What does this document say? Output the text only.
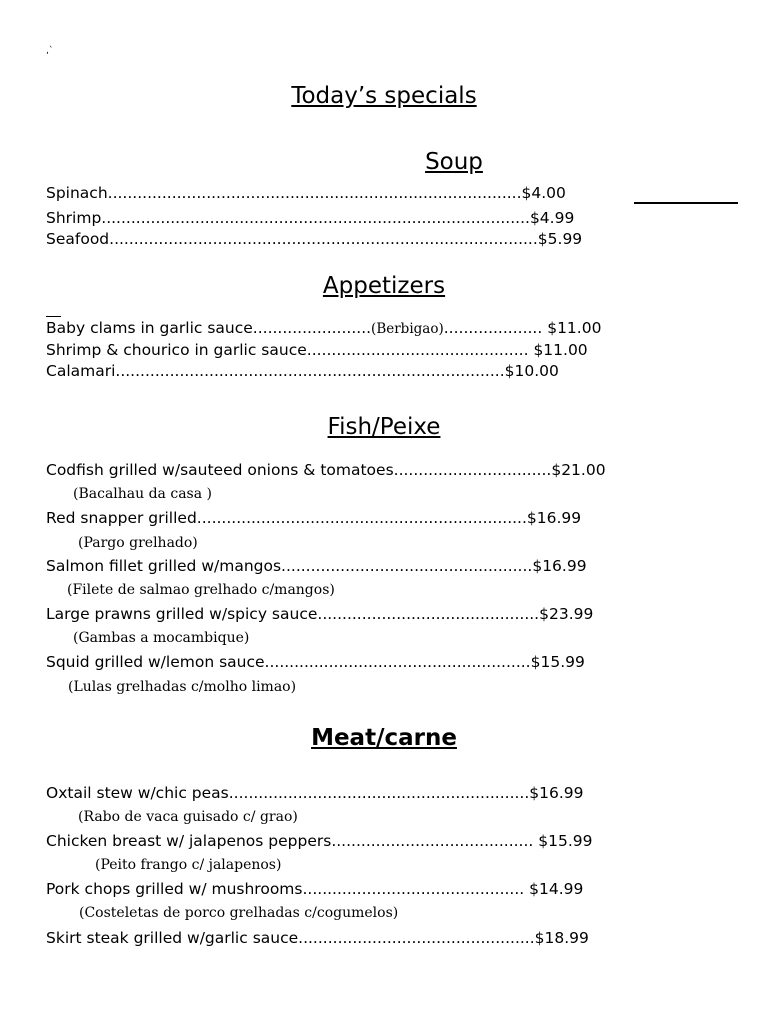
‚`
Today’s specials
Soup
Spinach....................................................................................$4.00
Shrimp.......................................................................................$4.99
Seafood.......................................................................................$5.99
Appetizers
Baby clams in garlic sauce........................(Berbigao).................... $11.00
Shrimp & chourico in garlic sauce............................................. $11.00
Calamari...............................................................................$10.00
Fish/Peixe
Codfish grilled w/sauteed onions & tomatoes................................$21.00
(Bacalhau da casa )
Red snapper grilled...................................................................$16.99
(Pargo grelhado)
Salmon fillet grilled w/mangos...................................................$16.99
(Filete de salmao grelhado c/mangos)
Large prawns grilled w/spicy sauce.............................................$23.99
(Gambas a mocambique)
Squid grilled w/lemon sauce......................................................$15.99
(Lulas grelhadas c/molho limao)
Meat/carne
Oxtail stew w/chic peas.............................................................$16.99
(Rabo de vaca guisado c/ grao)
Chicken breast w/ jalapenos peppers......................................... $15.99
(Peito frango c/ jalapenos)
Pork chops grilled w/ mushrooms............................................. $14.99
(Costeletas de porco grelhadas c/cogumelos)
Skirt steak grilled w/garlic sauce................................................$18.99
